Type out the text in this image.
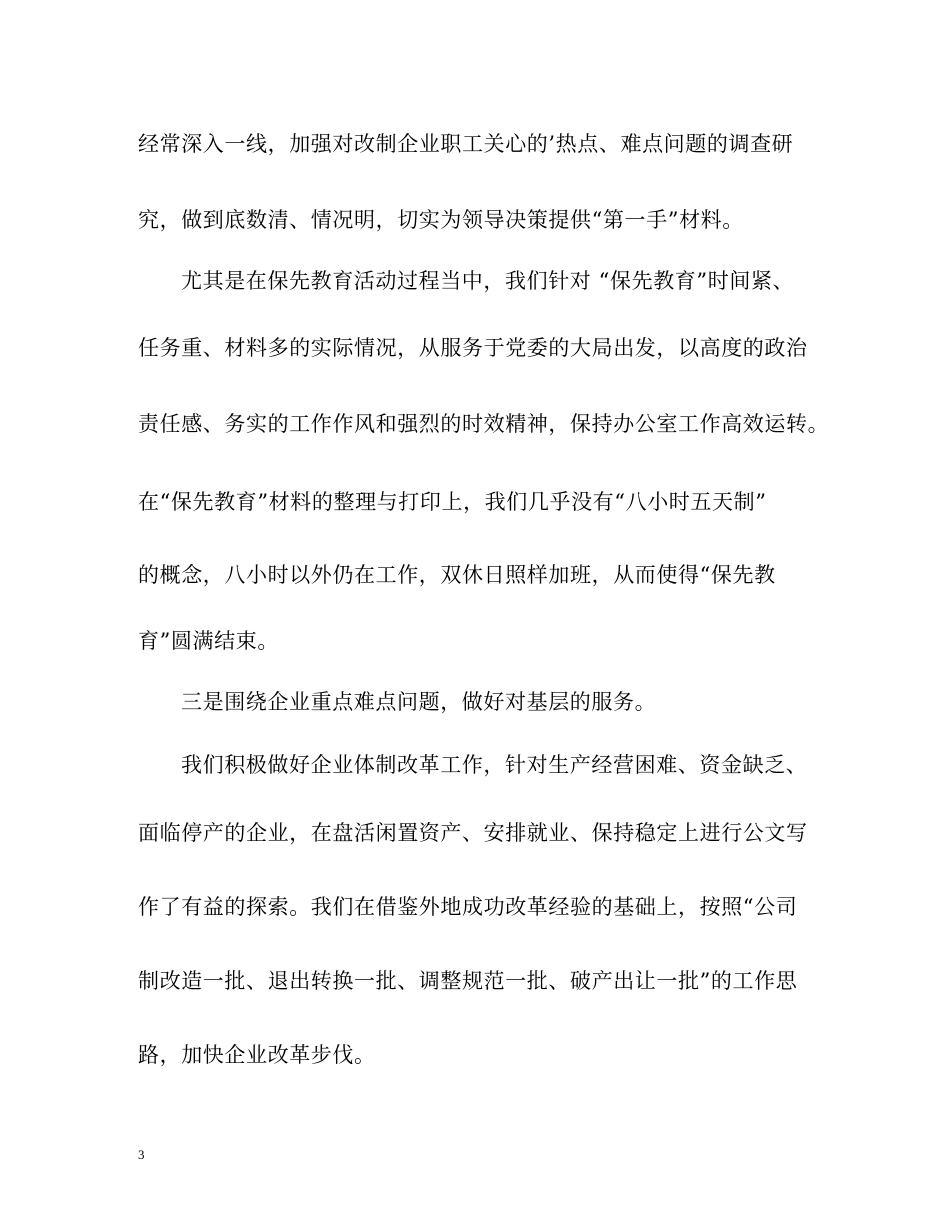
经常深入一线，加强对改制企业职工关心的’热点、难点问题的调查研
究，做到底数清、情况明，切实为领导决策提供“第一手”材料。
尤其是在保先教育活动过程当中，我们针对 “保先教育”时间紧、
任务重、材料多的实际情况，从服务于党委的大局出发，以高度的政治
责任感、务实的工作作风和强烈的时效精神，保持办公室工作高效运转。
在“保先教育”材料的整理与打印上，我们几乎没有“八小时五天制”
的概念，八小时以外仍在工作，双休日照样加班，从而使得“保先教
育”圆满结束。
三是围绕企业重点难点问题，做好对基层的服务。
我们积极做好企业体制改革工作，针对生产经营困难、资金缺乏、
面临停产的企业，在盘活闲置资产、安排就业、保持稳定上进行公文写
作了有益的探索。我们在借鉴外地成功改革经验的基础上，按照“公司
制改造一批、退出转换一批、调整规范一批、破产出让一批”的工作思
路，加快企业改革步伐。
3
